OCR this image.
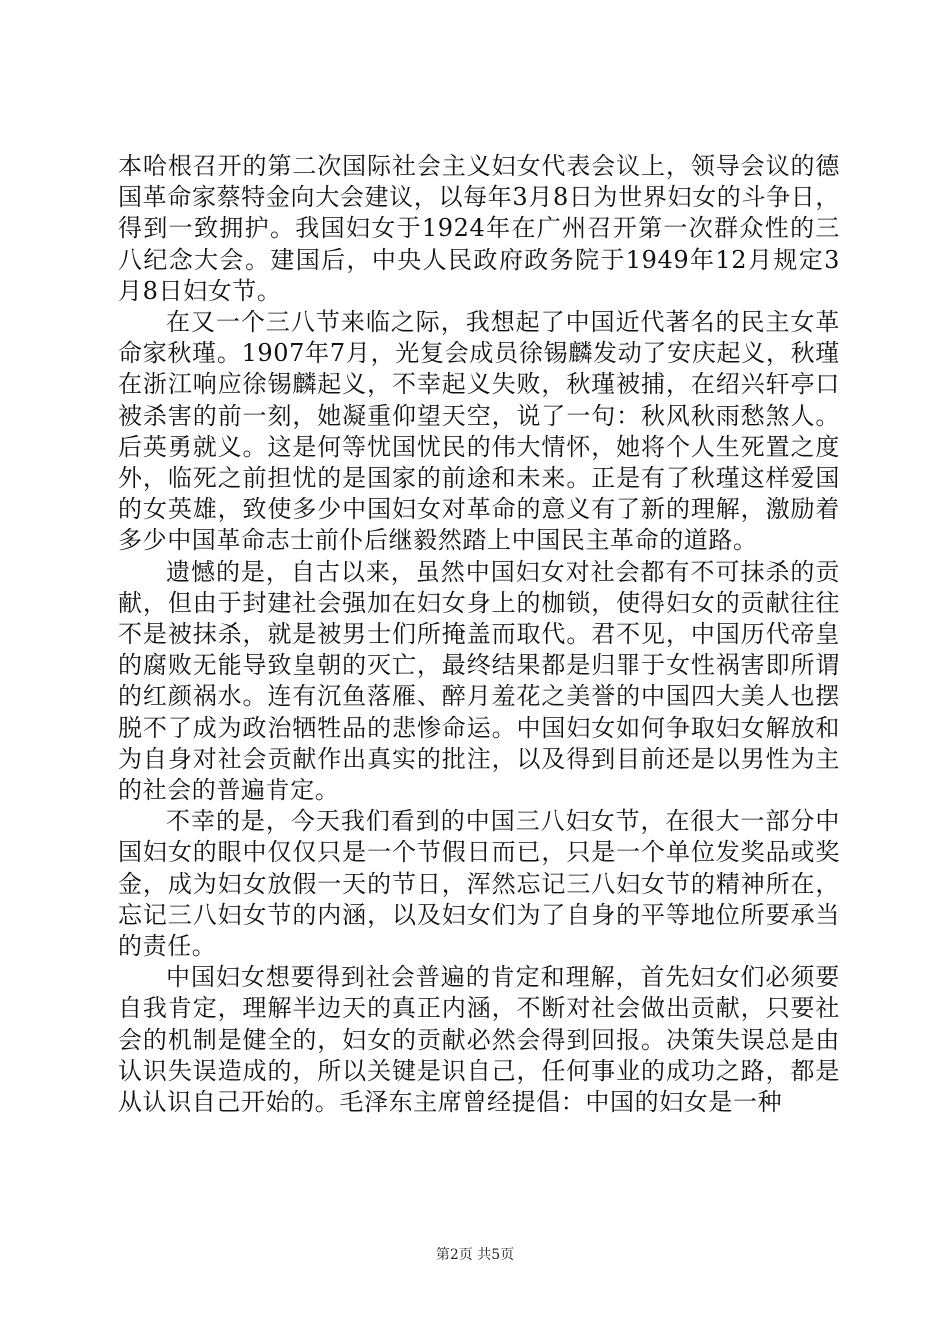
本哈根召开的第二次国际社会主义妇女代表会议上，领导会议的德国革命家蔡特金向大会建议，以每年3月8日为世界妇女的斗争日，得到一致拥护。我国妇女于1924年在广州召开第一次群众性的三八纪念大会。建国后，中央人民政府政务院于1949年12月规定3月8日妇女节。

在又一个三八节来临之际，我想起了中国近代著名的民主女革命家秋瑾。1907年7月，光复会成员徐锡麟发动了安庆起义，秋瑾在浙江响应徐锡麟起义，不幸起义失败，秋瑾被捕，在绍兴轩亭口被杀害的前一刻，她凝重仰望天空，说了一句：秋风秋雨愁煞人。后英勇就义。这是何等忧国忧民的伟大情怀，她将个人生死置之度外，临死之前担忧的是国家的前途和未来。正是有了秋瑾这样爱国的女英雄，致使多少中国妇女对革命的意义有了新的理解，激励着多少中国革命志士前仆后继毅然踏上中国民主革命的道路。

遗憾的是，自古以来，虽然中国妇女对社会都有不可抹杀的贡献，但由于封建社会强加在妇女身上的枷锁，使得妇女的贡献往往不是被抹杀，就是被男士们所掩盖而取代。君不见，中国历代帝皇的腐败无能导致皇朝的灭亡，最终结果都是归罪于女性祸害即所谓的红颜祸水。连有沉鱼落雁、醉月羞花之美誉的中国四大美人也摆脱不了成为政治牺牲品的悲惨命运。中国妇女如何争取妇女解放和为自身对社会贡献作出真实的批注，以及得到目前还是以男性为主的社会的普遍肯定。

不幸的是，今天我们看到的中国三八妇女节，在很大一部分中国妇女的眼中仅仅只是一个节假日而已，只是一个单位发奖品或奖金，成为妇女放假一天的节日，浑然忘记三八妇女节的精神所在，忘记三八妇女节的内涵，以及妇女们为了自身的平等地位所要承当的责任。

中国妇女想要得到社会普遍的肯定和理解，首先妇女们必须要自我肯定，理解半边天的真正内涵，不断对社会做出贡献，只要社会的机制是健全的，妇女的贡献必然会得到回报。决策失误总是由认识失误造成的，所以关键是识自己，任何事业的成功之路，都是从认识自己开始的。毛泽东主席曾经提倡：中国的妇女是一种

第2页 共5页
